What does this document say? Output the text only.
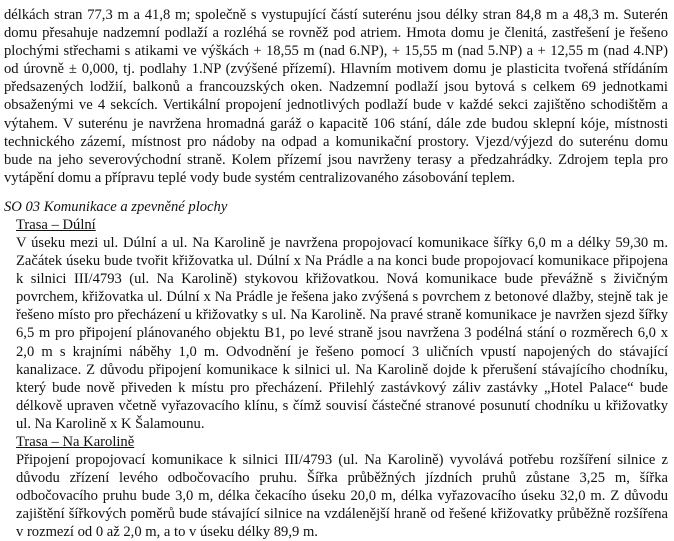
délkách stran 77,3 m a 41,8 m; společně s vystupující částí suterénu jsou délky stran 84,8 m a 48,3 m. Suterén domu přesahuje nadzemní podlaží a rozléhá se rovněž pod atriem. Hmota domu je členitá, zastřešení je řešeno plochými střechami s atikami ve výškách + 18,55 m (nad 6.NP), + 15,55 m (nad 5.NP) a + 12,55 m (nad 4.NP) od úrovně ± 0,000, tj. podlahy 1.NP (zvýšené přízemí). Hlavním motivem domu je plasticita tvořená střídáním předsazených lodžií, balkonů a francouzských oken. Nadzemní podlaží jsou bytová s celkem 69 jednotkami obsaženými ve 4 sekcích. Vertikální propojení jednotlivých podlaží bude v každé sekci zajištěno schodištěm a výtahem. V suterénu je navržena hromadná garáž o kapacitě 106 stání, dále zde budou sklepní kóje, místnosti technického zázemí, místnost pro nádoby na odpad a komunikační prostory. Vjezd/výjezd do suterénu domu bude na jeho severovýchodní straně. Kolem přízemí jsou navrženy terasy a předzahrádky. Zdrojem tepla pro vytápění domu a přípravu teplé vody bude systém centralizovaného zásobování teplem.

SO 03 Komunikace a zpevněné plochy

Trasa – Dúlní

V úseku mezi ul. Dúlní a ul. Na Karolině je navržena propojovací komunikace šířky 6,0 m a délky 59,30 m. Začátek úseku bude tvořit křižovatka ul. Dúlní x Na Prádle a na konci bude propojovací komunikace připojena k silnici III/4793 (ul. Na Karolině) stykovou křižovatkou. Nová komunikace bude převážně s živičným povrchem, křižovatka ul. Dúlní x Na Prádle je řešena jako zvýšená s povrchem z betonové dlažby, stejně tak je řešeno místo pro přecházení u křižovatky s ul. Na Karolině. Na pravé straně komunikace je navržen sjezd šířky 6,5 m pro připojení plánovaného objektu B1, po levé straně jsou navržena 3 podélná stání o rozměrech 6,0 x 2,0 m s krajními náběhy 1,0 m. Odvodnění je řešeno pomocí 3 uličních vpustí napojených do stávající kanalizace. Z důvodu připojení komunikace k silnici ul. Na Karolině dojde k přerušení stávajícího chodníku, který bude nově přiveden k místu pro přecházení. Přilehlý zastávkový záliv zastávky „Hotel Palace“ bude délkově upraven včetně vyřazovacího klínu, s čímž souvisí částečné stranové posunutí chodníku u křižovatky ul. Na Karolině x K Šalamounu.

Trasa – Na Karolině

Připojení propojovací komunikace k silnici III/4793 (ul. Na Karolině) vyvolává potřebu rozšíření silnice z důvodu zřízení levého odbočovacího pruhu. Šířka průběžných jízdních pruhů zůstane 3,25 m, šířka odbočovacího pruhu bude 3,0 m, délka čekacího úseku 20,0 m, délka vyřazovacího úseku 32,0 m. Z důvodu zajištění šířkových poměrů bude stávající silnice na vzdálenější hraně od řešené křižovatky průběžně rozšířena v rozmezí od 0 až 2,0 m, a to v úseku délky 89,9 m.
